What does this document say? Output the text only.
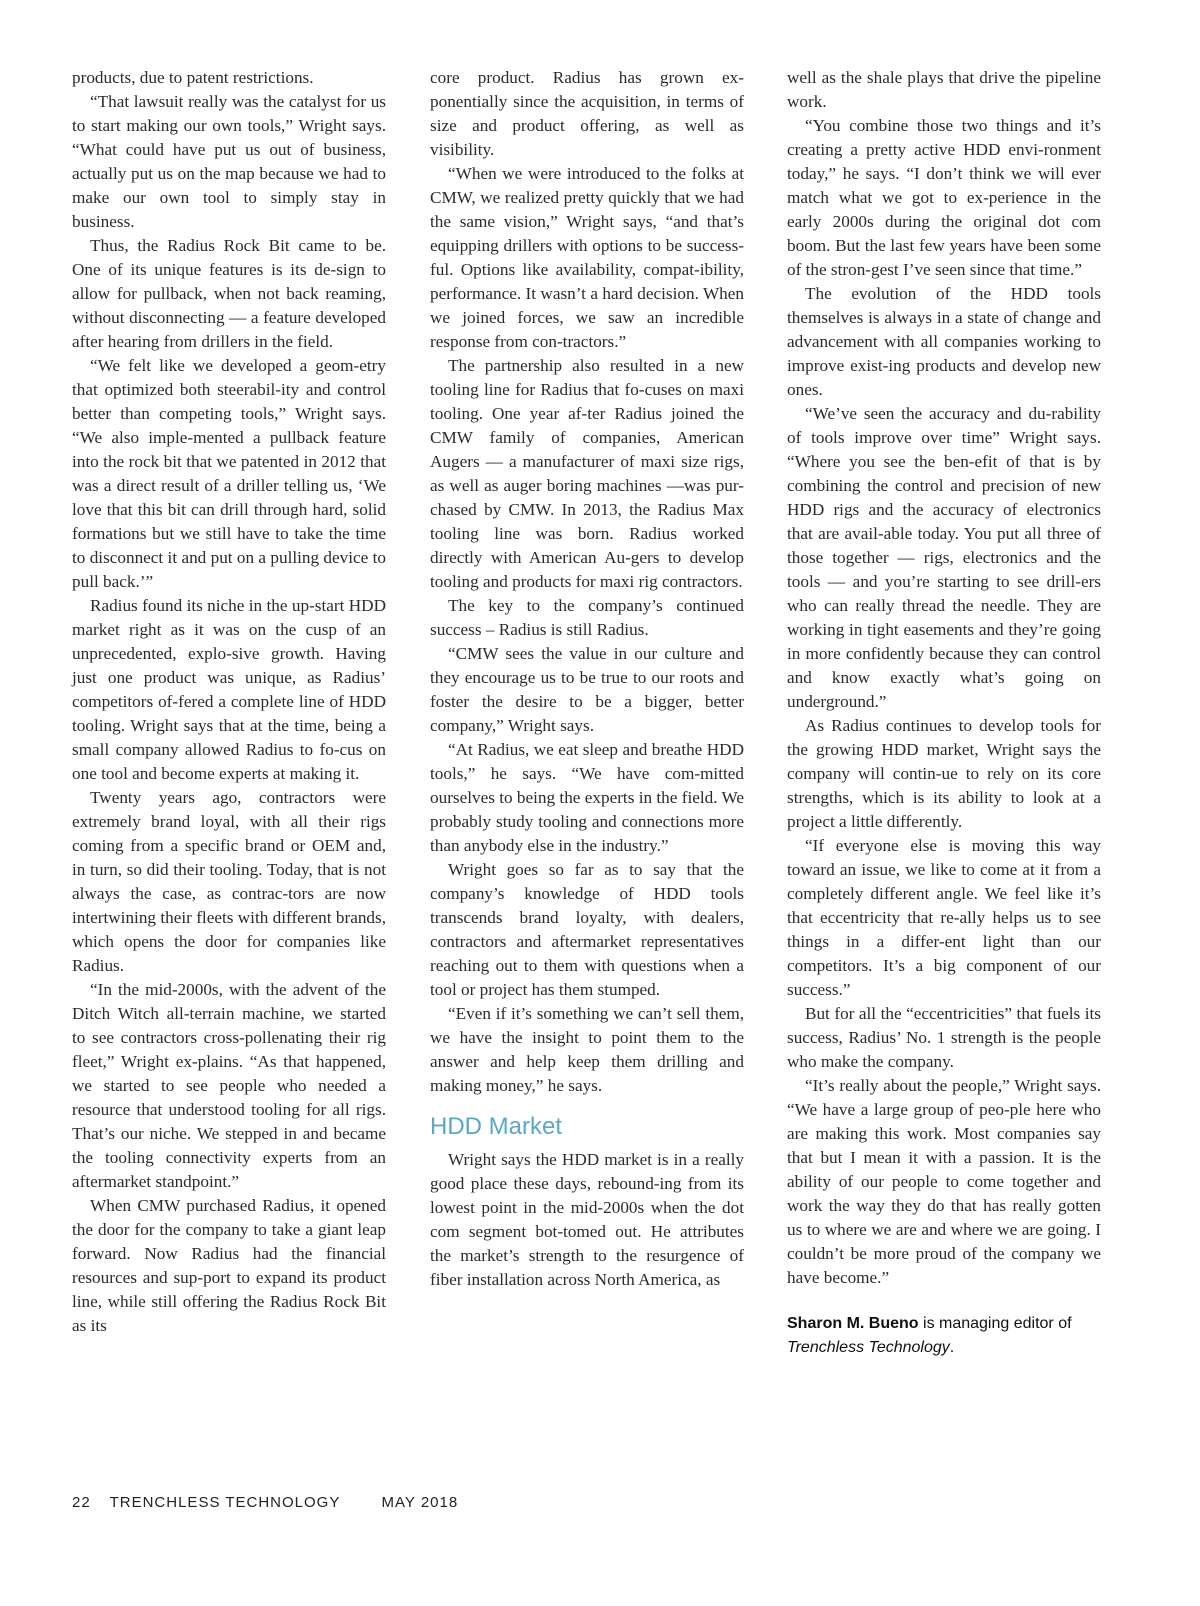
products, due to patent restrictions.

“That lawsuit really was the catalyst for us to start making our own tools,” Wright says. “What could have put us out of business, actually put us on the map because we had to make our own tool to simply stay in business.

Thus, the Radius Rock Bit came to be. One of its unique features is its de-sign to allow for pullback, when not back reaming, without disconnecting — a feature developed after hearing from drillers in the field.

“We felt like we developed a geom-etry that optimized both steerabil-ity and control better than competing tools,” Wright says. “We also imple-mented a pullback feature into the rock bit that we patented in 2012 that was a direct result of a driller telling us, ‘We love that this bit can drill through hard, solid formations but we still have to take the time to disconnect it and put on a pulling device to pull back.’”

Radius found its niche in the up-start HDD market right as it was on the cusp of an unprecedented, explo-sive growth. Having just one product was unique, as Radius’ competitors of-fered a complete line of HDD tooling. Wright says that at the time, being a small company allowed Radius to fo-cus on one tool and become experts at making it.

Twenty years ago, contractors were extremely brand loyal, with all their rigs coming from a specific brand or OEM and, in turn, so did their tooling. Today, that is not always the case, as contrac-tors are now intertwining their fleets with different brands, which opens the door for companies like Radius.

“In the mid-2000s, with the advent of the Ditch Witch all-terrain machine, we started to see contractors cross-pollenating their rig fleet,” Wright ex-plains. “As that happened, we started to see people who needed a resource that understood tooling for all rigs. That’s our niche. We stepped in and became the tooling connectivity experts from an aftermarket standpoint.”

When CMW purchased Radius, it opened the door for the company to take a giant leap forward. Now Radius had the financial resources and sup-port to expand its product line, while still offering the Radius Rock Bit as its

core product. Radius has grown ex-ponentially since the acquisition, in terms of size and product offering, as well as visibility.

“When we were introduced to the folks at CMW, we realized pretty quickly that we had the same vision,” Wright says, “and that’s equipping drillers with options to be success-ful. Options like availability, compat-ibility, performance. It wasn’t a hard decision. When we joined forces, we saw an incredible response from con-tractors.”

The partnership also resulted in a new tooling line for Radius that fo-cuses on maxi tooling. One year af-ter Radius joined the CMW family of companies, American Augers — a manufacturer of maxi size rigs, as well as auger boring machines —was pur-chased by CMW. In 2013, the Radius Max tooling line was born. Radius worked directly with American Au-gers to develop tooling and products for maxi rig contractors.

The key to the company’s continued success – Radius is still Radius.

“CMW sees the value in our culture and they encourage us to be true to our roots and foster the desire to be a bigger, better company,” Wright says.

“At Radius, we eat sleep and breathe HDD tools,” he says. “We have com-mitted ourselves to being the experts in the field. We probably study tooling and connections more than anybody else in the industry.”

Wright goes so far as to say that the company’s knowledge of HDD tools transcends brand loyalty, with dealers, contractors and aftermarket representatives reaching out to them with questions when a tool or project has them stumped.

“Even if it’s something we can’t sell them, we have the insight to point them to the answer and help keep them drilling and making money,” he says.

HDD Market

Wright says the HDD market is in a really good place these days, rebound-ing from its lowest point in the mid-2000s when the dot com segment bot-tomed out. He attributes the market’s strength to the resurgence of fiber installation across North America, as

well as the shale plays that drive the pipeline work.

“You combine those two things and it’s creating a pretty active HDD envi-ronment today,” he says. “I don’t think we will ever match what we got to ex-perience in the early 2000s during the original dot com boom. But the last few years have been some of the stron-gest I’ve seen since that time.”

The evolution of the HDD tools themselves is always in a state of change and advancement with all companies working to improve exist-ing products and develop new ones.

“We’ve seen the accuracy and du-rability of tools improve over time” Wright says. “Where you see the ben-efit of that is by combining the control and precision of new HDD rigs and the accuracy of electronics that are avail-able today. You put all three of those together — rigs, electronics and the tools — and you’re starting to see drill-ers who can really thread the needle. They are working in tight easements and they’re going in more confidently because they can control and know exactly what’s going on underground.”

As Radius continues to develop tools for the growing HDD market, Wright says the company will contin-ue to rely on its core strengths, which is its ability to look at a project a little differently.

“If everyone else is moving this way toward an issue, we like to come at it from a completely different angle. We feel like it’s that eccentricity that re-ally helps us to see things in a differ-ent light than our competitors. It’s a big component of our success.”

But for all the “eccentricities” that fuels its success, Radius’ No. 1 strength is the people who make the company.

“It’s really about the people,” Wright says. “We have a large group of peo-ple here who are making this work. Most companies say that but I mean it with a passion. It is the ability of our people to come together and work the way they do that has really gotten us to where we are and where we are going. I couldn’t be more proud of the company we have become.”

Sharon M. Bueno is managing editor of Trenchless Technology.
22 TRENCHLESS TECHNOLOGY	MAY 2018
